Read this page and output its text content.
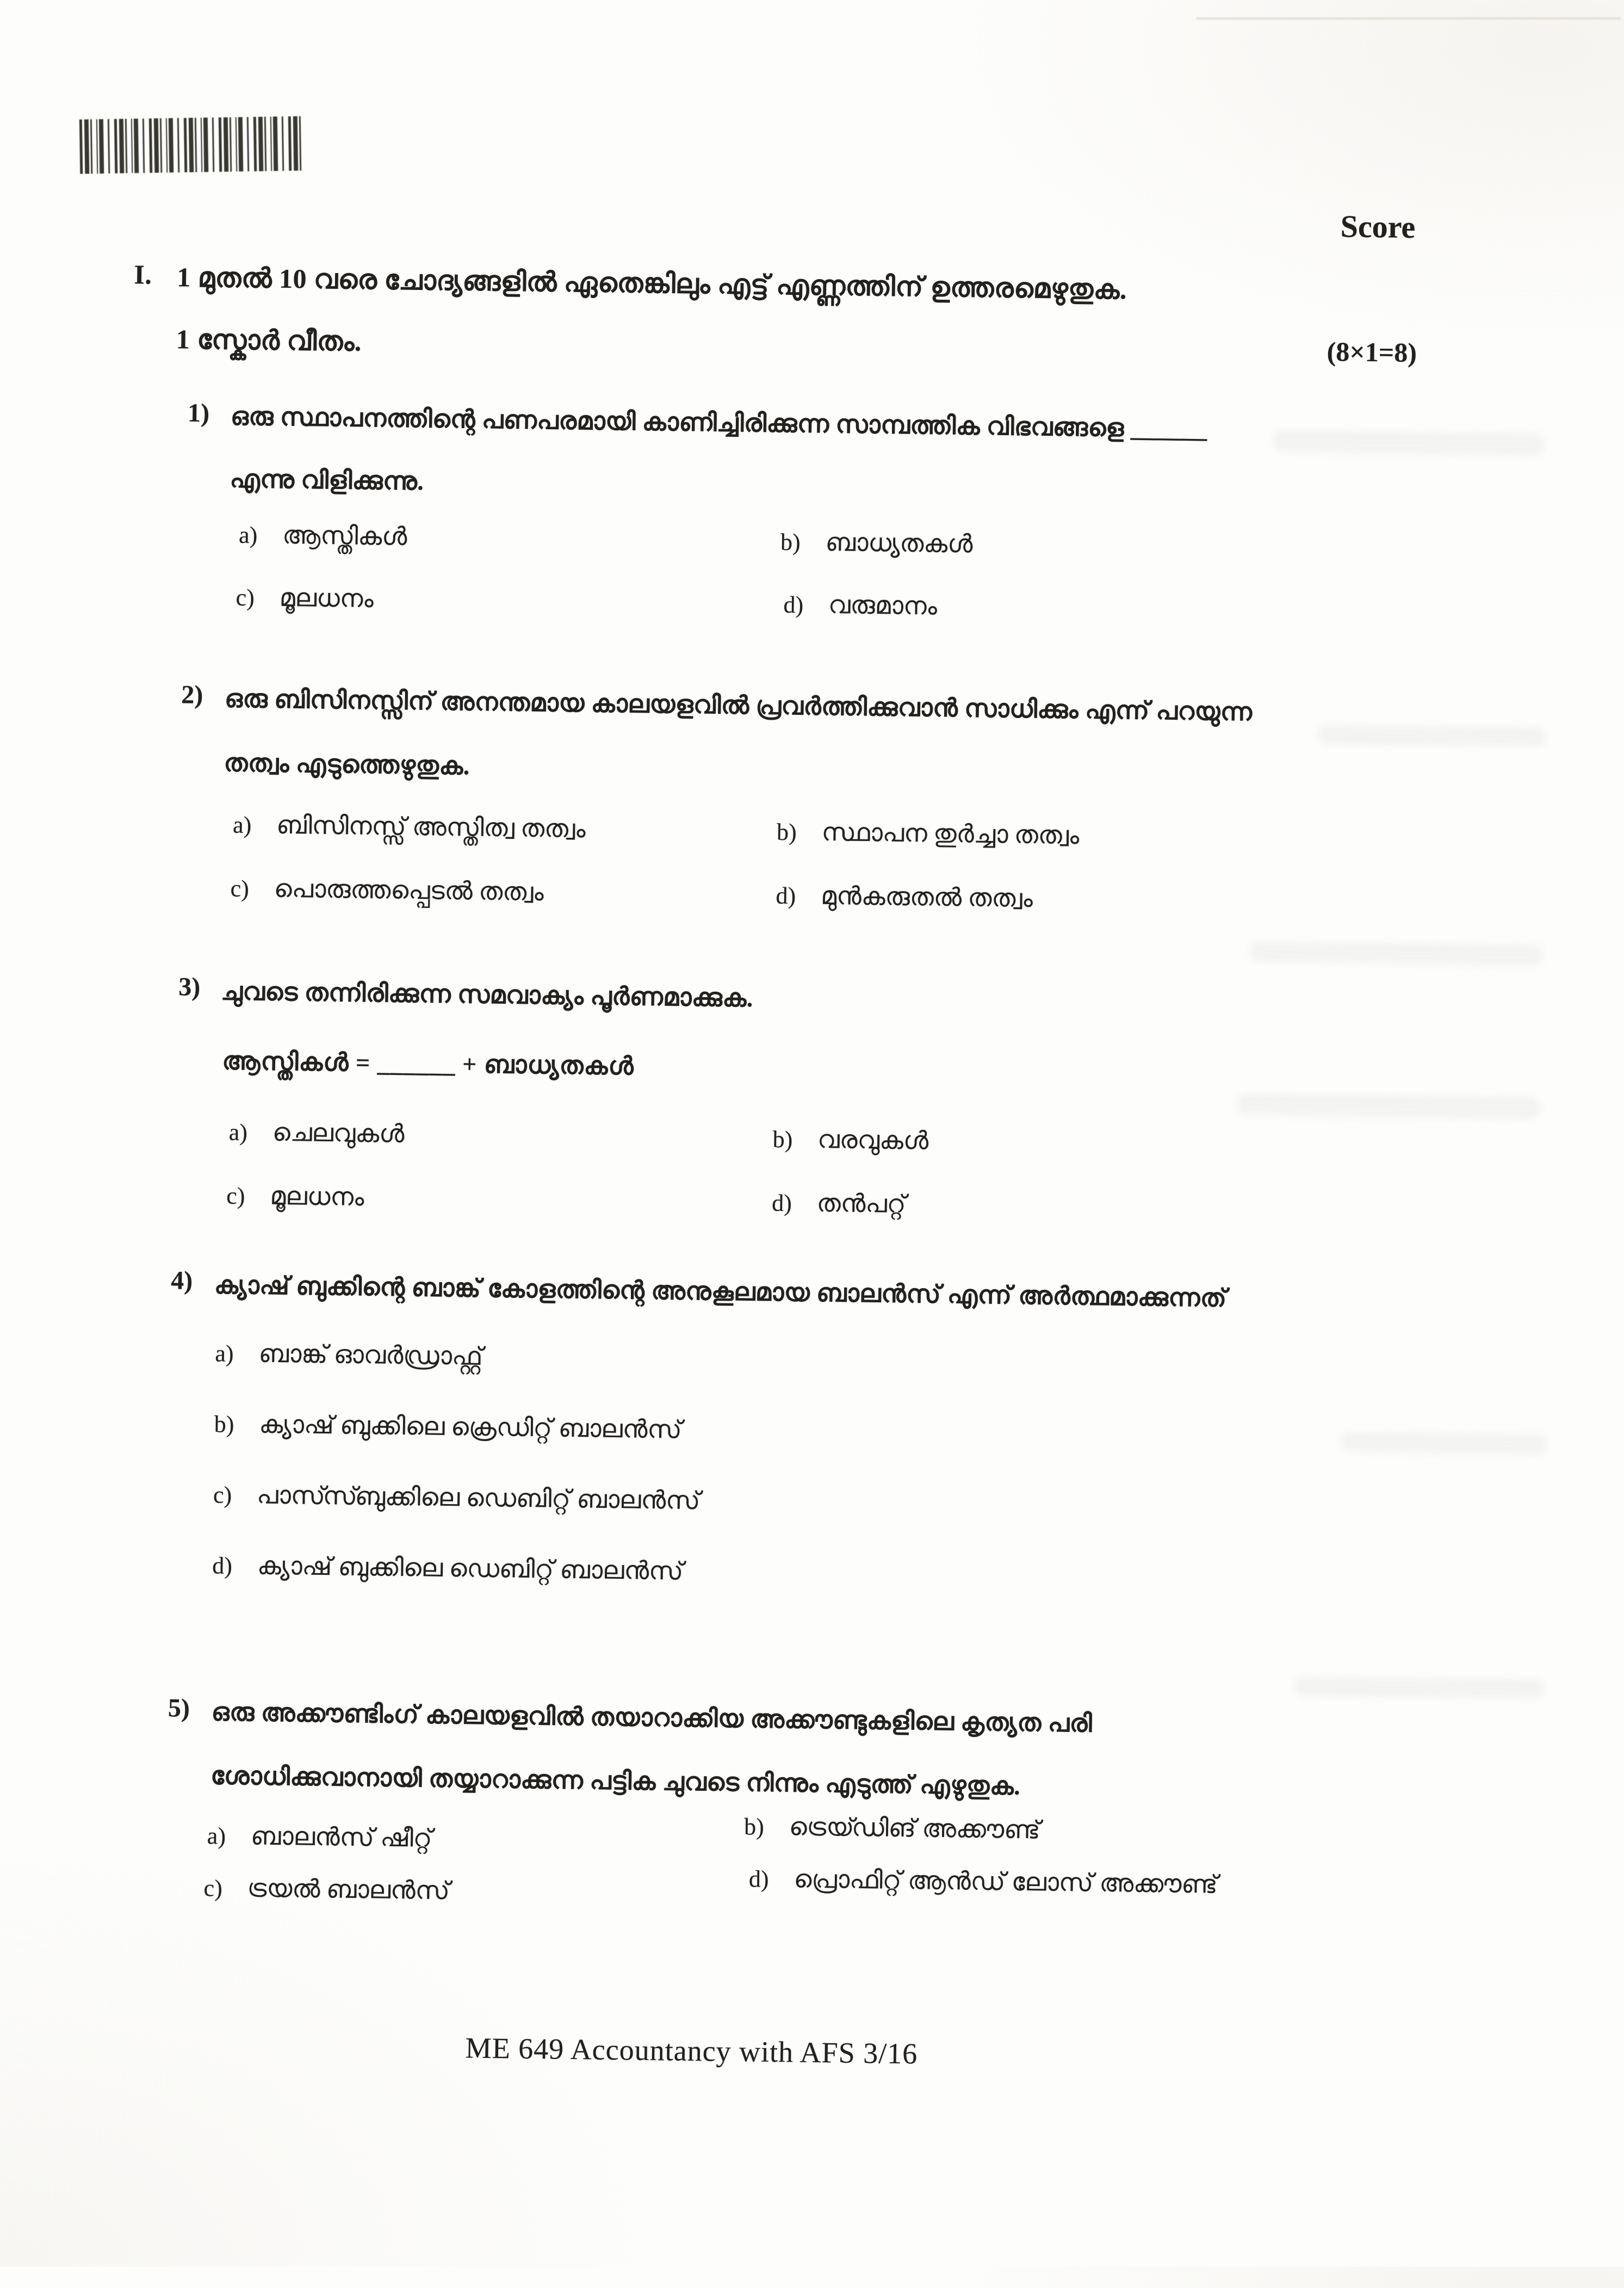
Score
I. 1 മുതൽ 10 വരെ ചോദ്യങ്ങളിൽ ഏതെങ്കിലും എട്ട് എണ്ണത്തിന് ഉത്തരമെഴുതുക.
1 സ്കോർ വീതം.	(8×1=8)
1) ഒരു സ്ഥാപനത്തിന്റെ പണപരമായി കാണിച്ചിരിക്കുന്ന സാമ്പത്തിക വിഭവങ്ങളെ ______
എന്നു വിളിക്കുന്നു.
a) ആസ്തികൾ	b) ബാധ്യതകൾ
c) മൂലധനം	d) വരുമാനം
2) ഒരു ബിസിനസ്സിന് അനന്തമായ കാലയളവിൽ പ്രവർത്തിക്കുവാൻ സാധിക്കും എന്ന് പറയുന്ന
തത്വം എടുത്തെഴുതുക.
a) ബിസിനസ്സ് അസ്തിത്വ തത്വം	b) സ്ഥാപന തുർച്ചാ തത്വം
c) പൊരുത്തപ്പെടൽ തത്വം	d) മുൻകരുതൽ തത്വം
3) ചുവടെ തന്നിരിക്കുന്ന സമവാക്യം പൂർണമാക്കുക.
ആസ്തികൾ = ______ + ബാധ്യതകൾ
a) ചെലവുകൾ	b) വരവുകൾ
c) മൂലധനം	d) തൻപറ്റ്
4) ക്യാഷ് ബുക്കിന്റെ ബാങ്ക് കോളത്തിന്റെ അനുകൂലമായ ബാലൻസ് എന്ന് അർത്ഥമാക്കുന്നത്
a) ബാങ്ക് ഓവർഡ്രാഫ്റ്റ്
b) ക്യാഷ് ബുക്കിലെ ക്രെഡിറ്റ് ബാലൻസ്
c) പാസ്സ്ബുക്കിലെ ഡെബിറ്റ് ബാലൻസ്
d) ക്യാഷ് ബുക്കിലെ ഡെബിറ്റ് ബാലൻസ്
5) ഒരു അക്കൗണ്ടിംഗ് കാലയളവിൽ തയാറാക്കിയ അക്കൗണ്ടുകളിലെ കൃത്യത പരി
ശോധിക്കുവാനായി തയ്യാറാക്കുന്ന പട്ടിക ചുവടെ നിന്നും എടുത്ത് എഴുതുക.
a) ബാലൻസ് ഷീറ്റ്	b) ട്രെയ്ഡിങ് അക്കൗണ്ട്
c) ട്രയൽ ബാലൻസ്	d) പ്രൊഫിറ്റ് ആൻഡ് ലോസ് അക്കൗണ്ട്
ME 649 Accountancy with AFS 3/16
